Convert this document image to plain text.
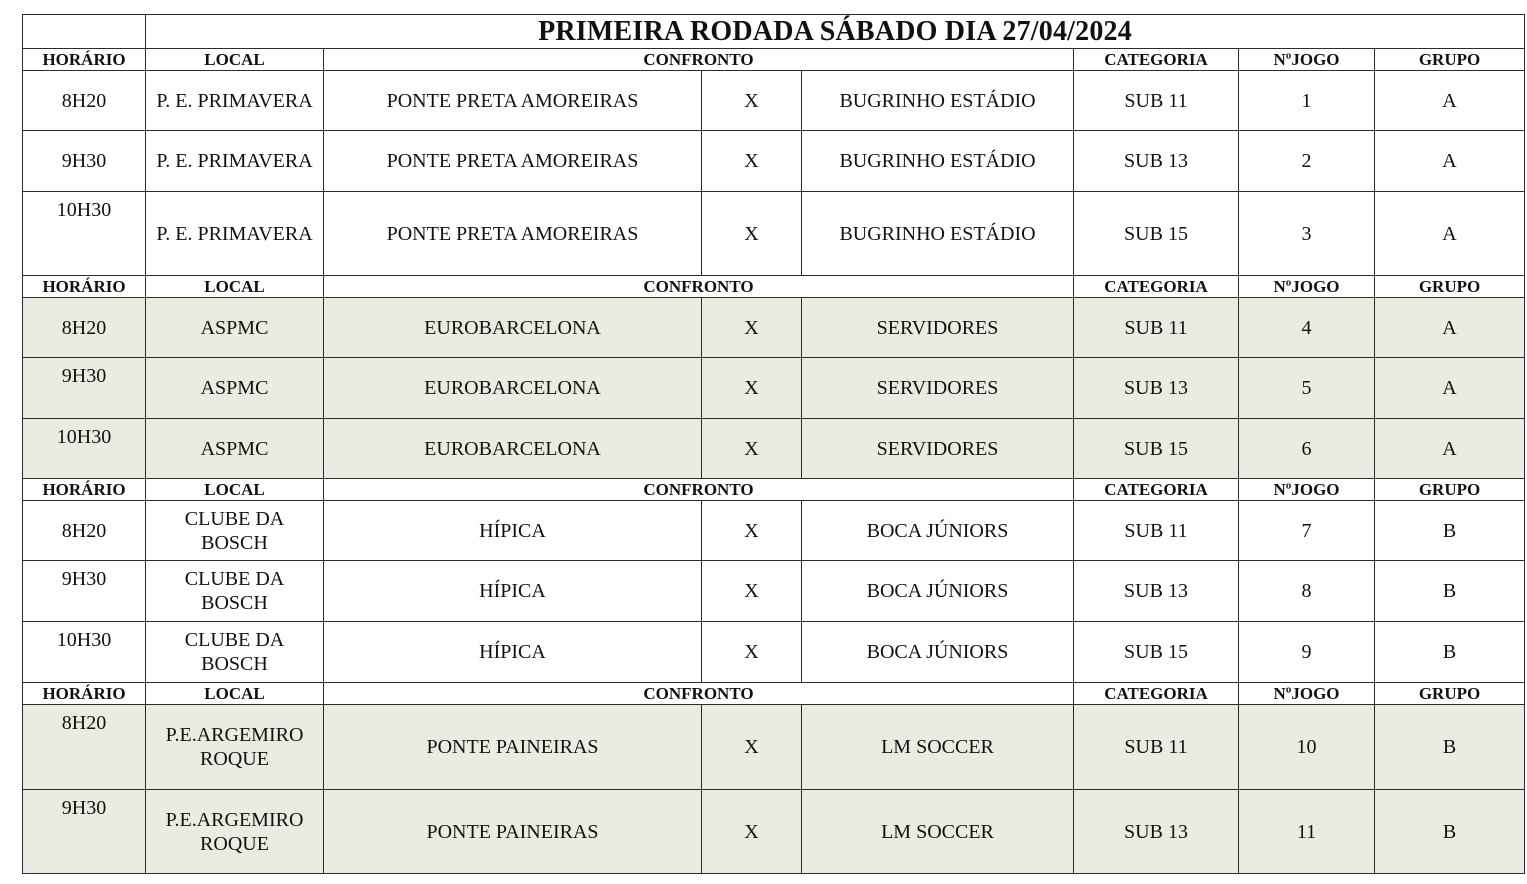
	PRIMEIRA RODADA SÁBADO DIA 27/04/2024						
HORÁRIO	LOCAL	CONFRONTO			CATEGORIA	NºJOGO	GRUPO
8H20	P. E. PRIMAVERA	PONTE PRETA AMOREIRAS	X	BUGRINHO ESTÁDIO	SUB 11	1	A
9H30	P. E. PRIMAVERA	PONTE PRETA AMOREIRAS	X	BUGRINHO ESTÁDIO	SUB 13	2	A
10H30	P. E. PRIMAVERA	PONTE PRETA AMOREIRAS	X	BUGRINHO ESTÁDIO	SUB 15	3	A
HORÁRIO	LOCAL	CONFRONTO			CATEGORIA	NºJOGO	GRUPO
8H20	ASPMC	EUROBARCELONA	X	SERVIDORES	SUB 11	4	A
9H30	ASPMC	EUROBARCELONA	X	SERVIDORES	SUB 13	5	A
10H30	ASPMC	EUROBARCELONA	X	SERVIDORES	SUB 15	6	A
HORÁRIO	LOCAL	CONFRONTO			CATEGORIA	NºJOGO	GRUPO
8H20	CLUBE DA BOSCH	HÍPICA	X	BOCA JÚNIORS	SUB 11	7	B
9H30	CLUBE DA BOSCH	HÍPICA	X	BOCA JÚNIORS	SUB 13	8	B
10H30	CLUBE DA BOSCH	HÍPICA	X	BOCA JÚNIORS	SUB 15	9	B
HORÁRIO	LOCAL	CONFRONTO			CATEGORIA	NºJOGO	GRUPO
8H20	P.E.ARGEMIRO ROQUE	PONTE PAINEIRAS	X	LM SOCCER	SUB 11	10	B
9H30	P.E.ARGEMIRO ROQUE	PONTE PAINEIRAS	X	LM SOCCER	SUB 13	11	B
